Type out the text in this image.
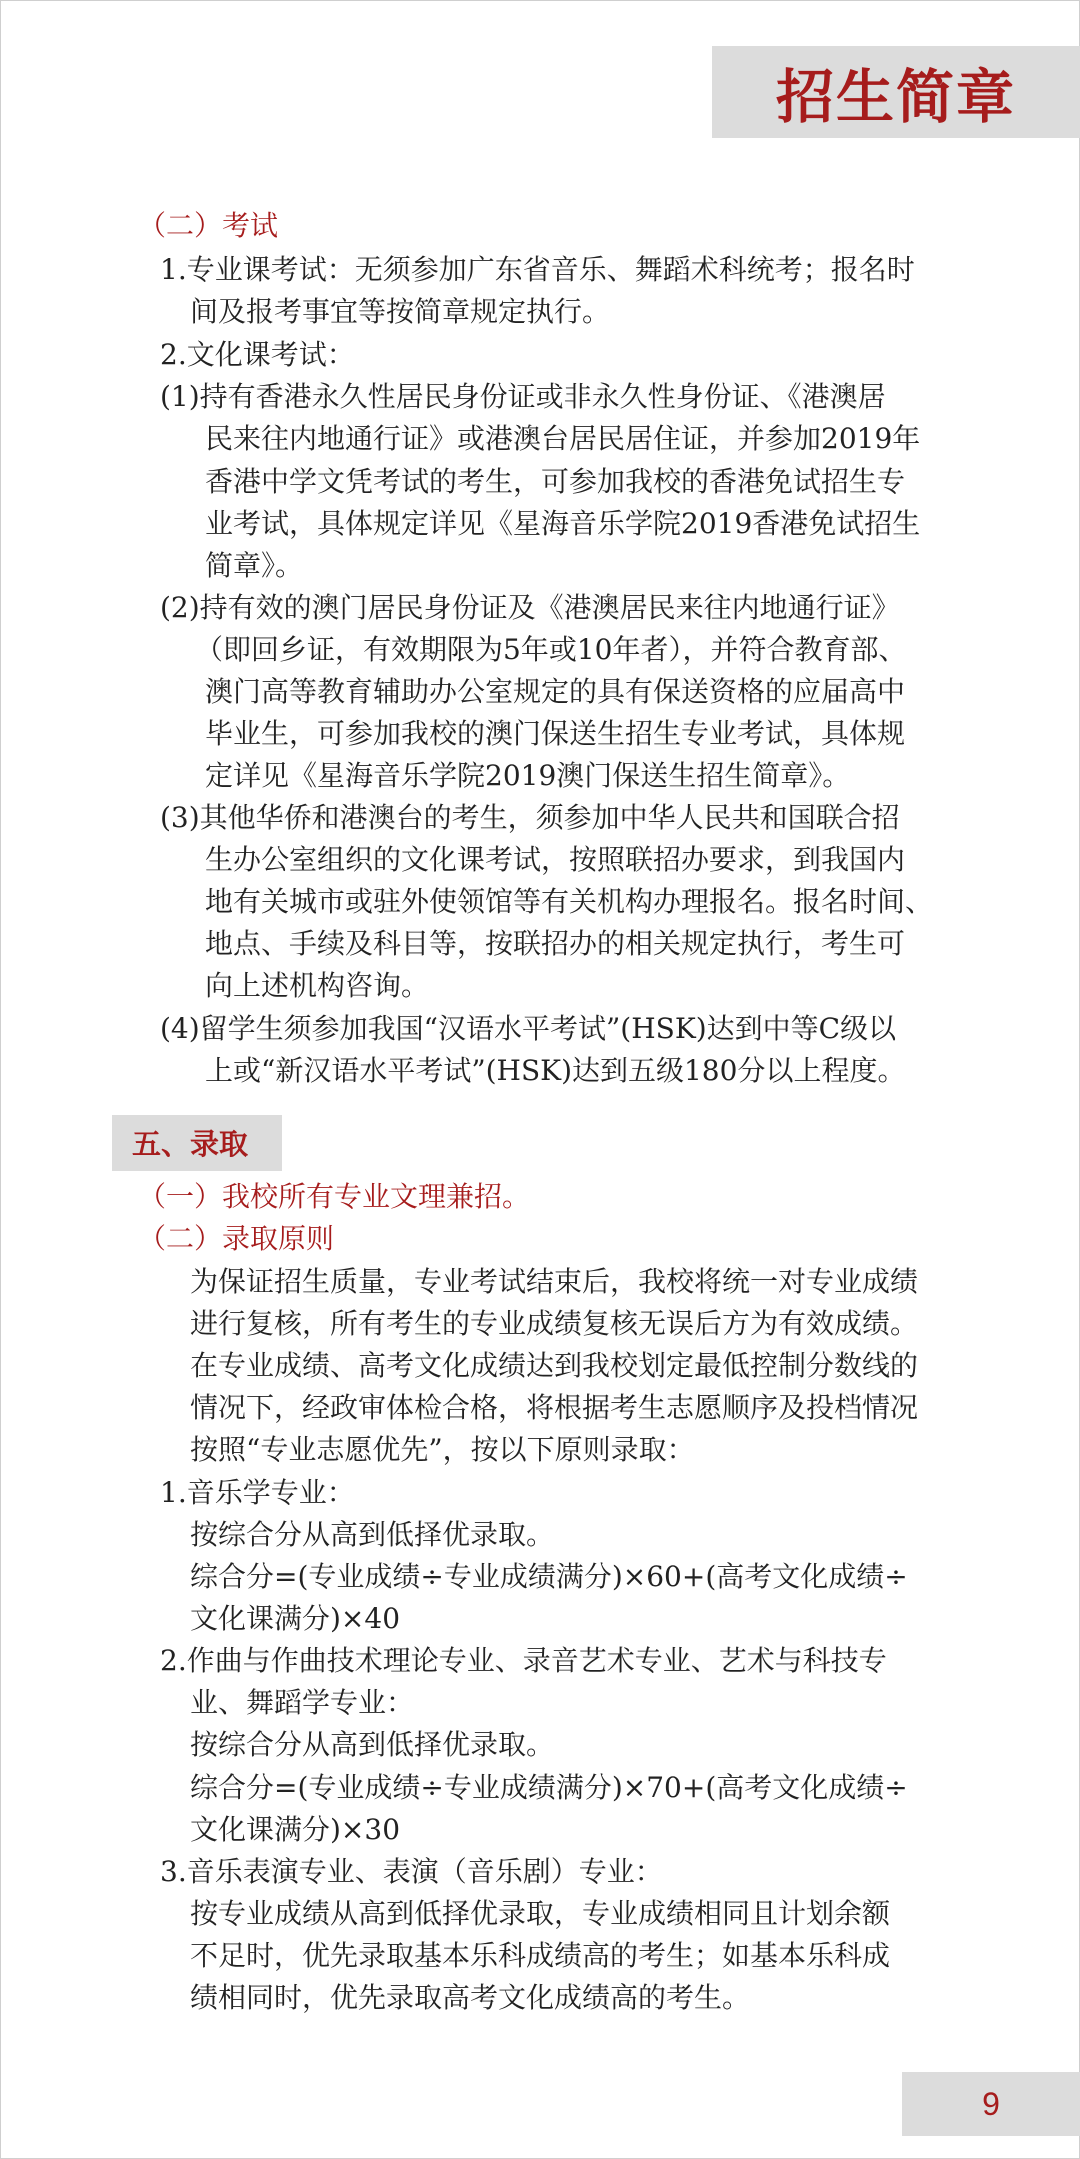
招生简章
（二）考试
1.专业课考试：无须参加广东省音乐、舞蹈术科统考；报名时
间及报考事宜等按简章规定执行。
2.文化课考试：
(1)持有香港永久性居民身份证或非永久性身份证、《港澳居
民来往内地通行证》或港澳台居民居住证，并参加2019年
香港中学文凭考试的考生，可参加我校的香港免试招生专
业考试，具体规定详见《星海音乐学院2019香港免试招生
简章》。
(2)持有效的澳门居民身份证及《港澳居民来往内地通行证》
（即回乡证，有效期限为5年或10年者），并符合教育部、
澳门高等教育辅助办公室规定的具有保送资格的应届高中
毕业生，可参加我校的澳门保送生招生专业考试，具体规
定详见《星海音乐学院2019澳门保送生招生简章》。
(3)其他华侨和港澳台的考生，须参加中华人民共和国联合招
生办公室组织的文化课考试，按照联招办要求，到我国内
地有关城市或驻外使领馆等有关机构办理报名。报名时间、
地点、手续及科目等，按联招办的相关规定执行，考生可
向上述机构咨询。
(4)留学生须参加我国“汉语水平考试”(HSK)达到中等C级以
上或“新汉语水平考试”(HSK)达到五级180分以上程度。
五、录取
（一）我校所有专业文理兼招。
（二）录取原则
为保证招生质量，专业考试结束后，我校将统一对专业成绩
进行复核，所有考生的专业成绩复核无误后方为有效成绩。
在专业成绩、高考文化成绩达到我校划定最低控制分数线的
情况下，经政审体检合格，将根据考生志愿顺序及投档情况
按照“专业志愿优先”，按以下原则录取：
1.音乐学专业：
按综合分从高到低择优录取。
综合分=(专业成绩÷专业成绩满分)×60+(高考文化成绩÷
文化课满分)×40
2.作曲与作曲技术理论专业、录音艺术专业、艺术与科技专
业、舞蹈学专业：
按综合分从高到低择优录取。
综合分=(专业成绩÷专业成绩满分)×70+(高考文化成绩÷
文化课满分)×30
3.音乐表演专业、表演（音乐剧）专业：
按专业成绩从高到低择优录取，专业成绩相同且计划余额
不足时，优先录取基本乐科成绩高的考生；如基本乐科成
绩相同时，优先录取高考文化成绩高的考生。
9
